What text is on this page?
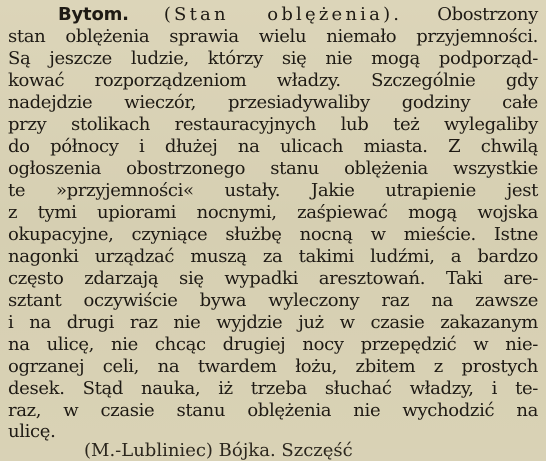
Bytom. (Stan oblężenia). Obostrzony
stan oblężenia sprawia wielu niemało przyjemności.
Są jeszcze ludzie, którzy się nie mogą podporząd-
kować rozporządzeniom władzy. Szczególnie gdy
nadejdzie wieczór, przesiadywaliby godziny całe
przy stolikach restauracyjnych lub też wylegaliby
do północy i dłużej na ulicach miasta. Z chwilą
ogłoszenia obostrzonego stanu oblężenia wszystkie
te »przyjemności« ustały. Jakie utrapienie jest
z tymi upiorami nocnymi, zaśpiewać mogą wojska
okupacyjne, czyniące służbę nocną w mieście. Istne
nagonki urządzać muszą za takimi ludźmi, a bardzo
często zdarzają się wypadki aresztowań. Taki are-
sztant oczywiście bywa wyleczony raz na zawsze
i na drugi raz nie wyjdzie już w czasie zakazanym
na ulicę, nie chcąc drugiej nocy przepędzić w nie-
ogrzanej celi, na twardem łożu, zbitem z prostych
desek. Stąd nauka, iż trzeba słuchać władzy, i te-
raz, w czasie stanu oblężenia nie wychodzić na
ulicę.
(M.-Lubliniec) Bójka. Szczęść
